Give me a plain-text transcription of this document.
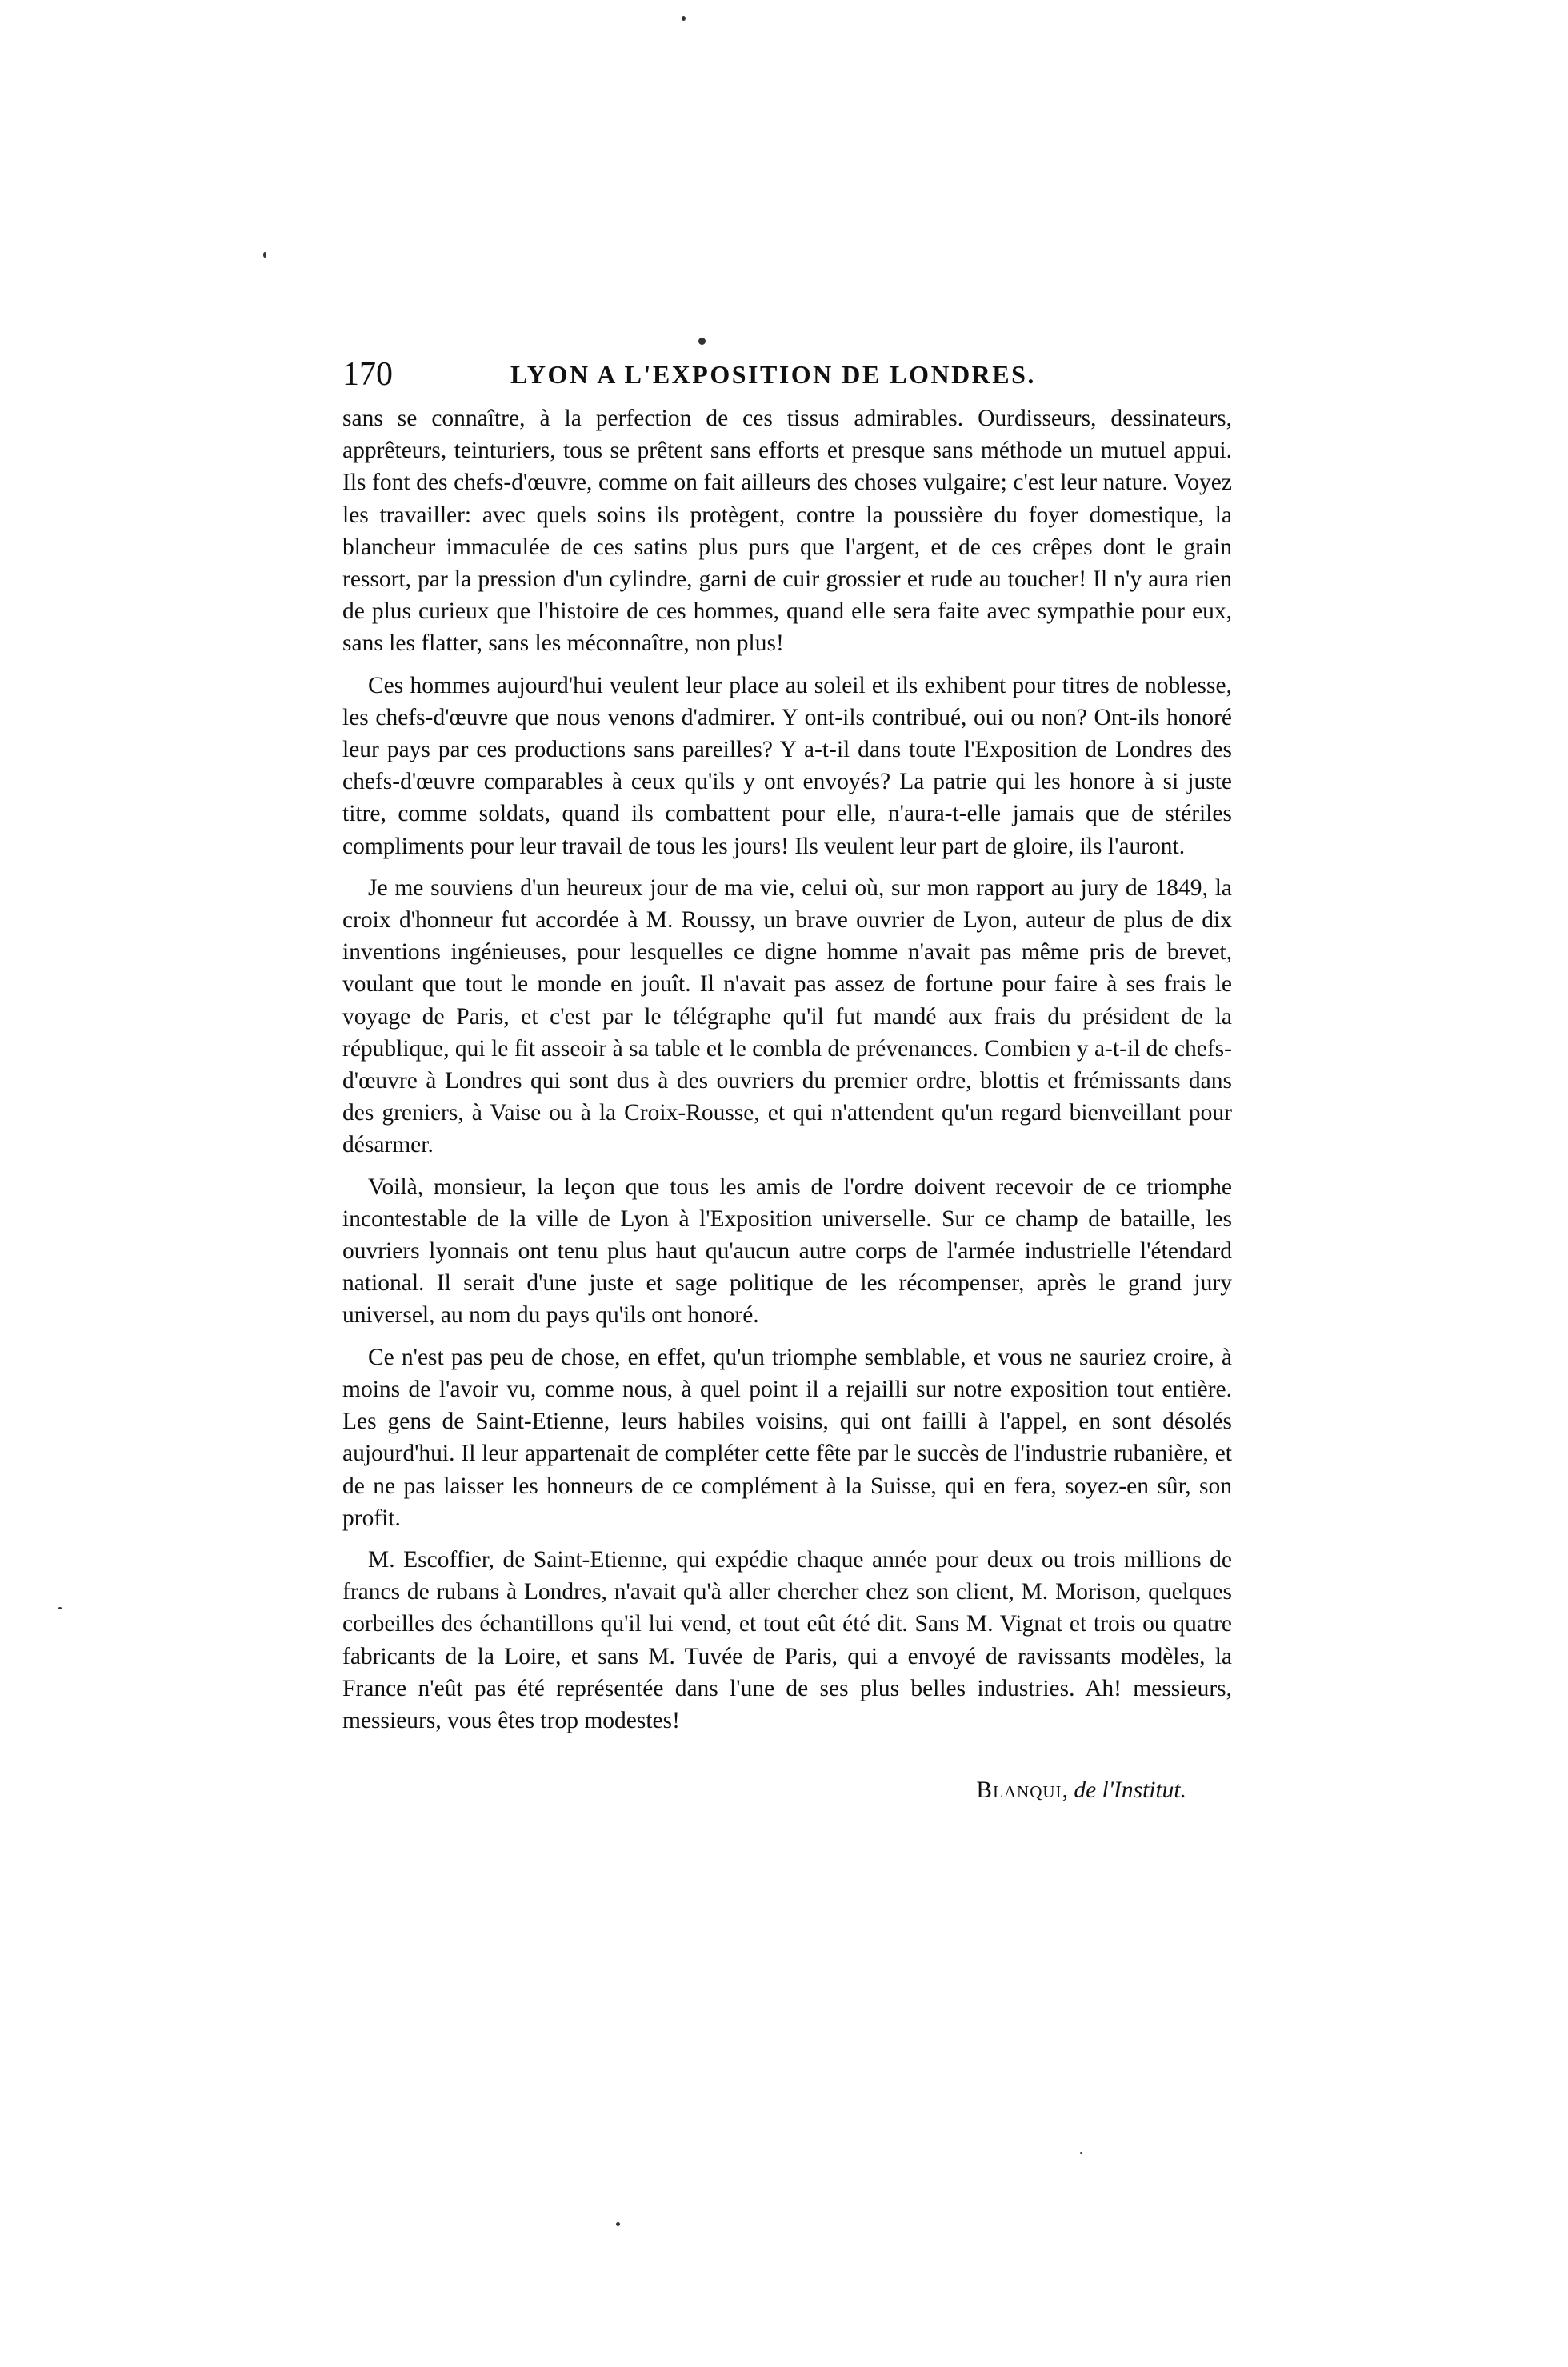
170	LYON A L'EXPOSITION DE LONDRES.

sans se connaître, à la perfection de ces tissus admirables. Ourdisseurs, dessinateurs, apprêteurs, teinturiers, tous se prêtent sans efforts et presque sans méthode un mutuel appui. Ils font des chefs-d'œuvre, comme on fait ailleurs des choses vulgaire; c'est leur nature. Voyez les travailler: avec quels soins ils protègent, contre la poussière du foyer domestique, la blancheur immaculée de ces satins plus purs que l'argent, et de ces crêpes dont le grain ressort, par la pression d'un cylindre, garni de cuir grossier et rude au toucher! Il n'y aura rien de plus curieux que l'histoire de ces hommes, quand elle sera faite avec sympathie pour eux, sans les flatter, sans les méconnaître, non plus!

Ces hommes aujourd'hui veulent leur place au soleil et ils exhibent pour titres de noblesse, les chefs-d'œuvre que nous venons d'admirer. Y ont-ils contribué, oui ou non? Ont-ils honoré leur pays par ces productions sans pareilles? Y a-t-il dans toute l'Exposition de Londres des chefs-d'œuvre comparables à ceux qu'ils y ont envoyés? La patrie qui les honore à si juste titre, comme soldats, quand ils combattent pour elle, n'aura-t-elle jamais que de stériles compliments pour leur travail de tous les jours! Ils veulent leur part de gloire, ils l'auront.

Je me souviens d'un heureux jour de ma vie, celui où, sur mon rapport au jury de 1849, la croix d'honneur fut accordée à M. Roussy, un brave ouvrier de Lyon, auteur de plus de dix inventions ingénieuses, pour lesquelles ce digne homme n'avait pas même pris de brevet, voulant que tout le monde en jouît. Il n'avait pas assez de fortune pour faire à ses frais le voyage de Paris, et c'est par le télégraphe qu'il fut mandé aux frais du président de la république, qui le fit asseoir à sa table et le combla de prévenances. Combien y a-t-il de chefs-d'œuvre à Londres qui sont dus à des ouvriers du premier ordre, blottis et frémissants dans des greniers, à Vaise ou à la Croix-Rousse, et qui n'attendent qu'un regard bienveillant pour désarmer.

Voilà, monsieur, la leçon que tous les amis de l'ordre doivent recevoir de ce triomphe incontestable de la ville de Lyon à l'Exposition universelle. Sur ce champ de bataille, les ouvriers lyonnais ont tenu plus haut qu'aucun autre corps de l'armée industrielle l'étendard national. Il serait d'une juste et sage politique de les récompenser, après le grand jury universel, au nom du pays qu'ils ont honoré.

Ce n'est pas peu de chose, en effet, qu'un triomphe semblable, et vous ne sauriez croire, à moins de l'avoir vu, comme nous, à quel point il a rejailli sur notre exposition tout entière. Les gens de Saint-Etienne, leurs habiles voisins, qui ont failli à l'appel, en sont désolés aujourd'hui. Il leur appartenait de compléter cette fête par le succès de l'industrie rubanière, et de ne pas laisser les honneurs de ce complément à la Suisse, qui en fera, soyez-en sûr, son profit.

M. Escoffier, de Saint-Etienne, qui expédie chaque année pour deux ou trois millions de francs de rubans à Londres, n'avait qu'à aller chercher chez son client, M. Morison, quelques corbeilles des échantillons qu'il lui vend, et tout eût été dit. Sans M. Vignat et trois ou quatre fabricants de la Loire, et sans M. Tuvée de Paris, qui a envoyé de ravissants modèles, la France n'eût pas été représentée dans l'une de ses plus belles industries. Ah! messieurs, messieurs, vous êtes trop modestes!

Blanqui, de l'Institut.
